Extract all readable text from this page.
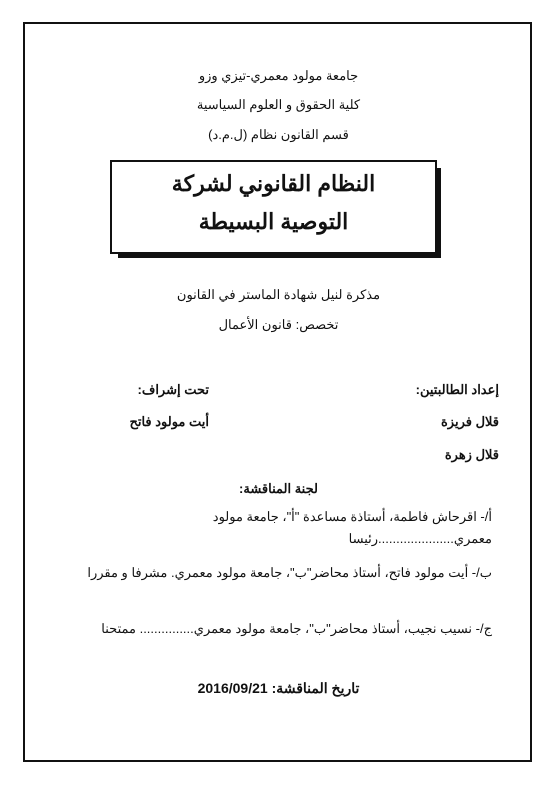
جامعة مولود معمري-تيزي وزو
كلية الحقوق و العلوم السياسية
قسم القانون نظام (ل.م.د)
النظام القانوني لشركة
التوصية البسيطة
مذكرة لنيل شهادة الماستر في القانون
تخصص: قانون الأعمال
إعداد الطالبتين:
تحت إشراف:
قلال فريزة
أيت مولود فاتح
قلال زهرة
لجنة المناقشة:
أ/- اقرحاش فاطمة، أستاذة مساعدة "أ"، جامعة مولود معمري.....................رئيسا
ب/- أيت مولود فاتح، أستاذ محاضر"ب"، جامعة مولود معمري. مشرفا و مقررا
ج/- نسيب نجيب، أستاذ محاضر"ب"، جامعة مولود معمري............... ممتحنا
تاريخ المناقشة: 2016/09/21
